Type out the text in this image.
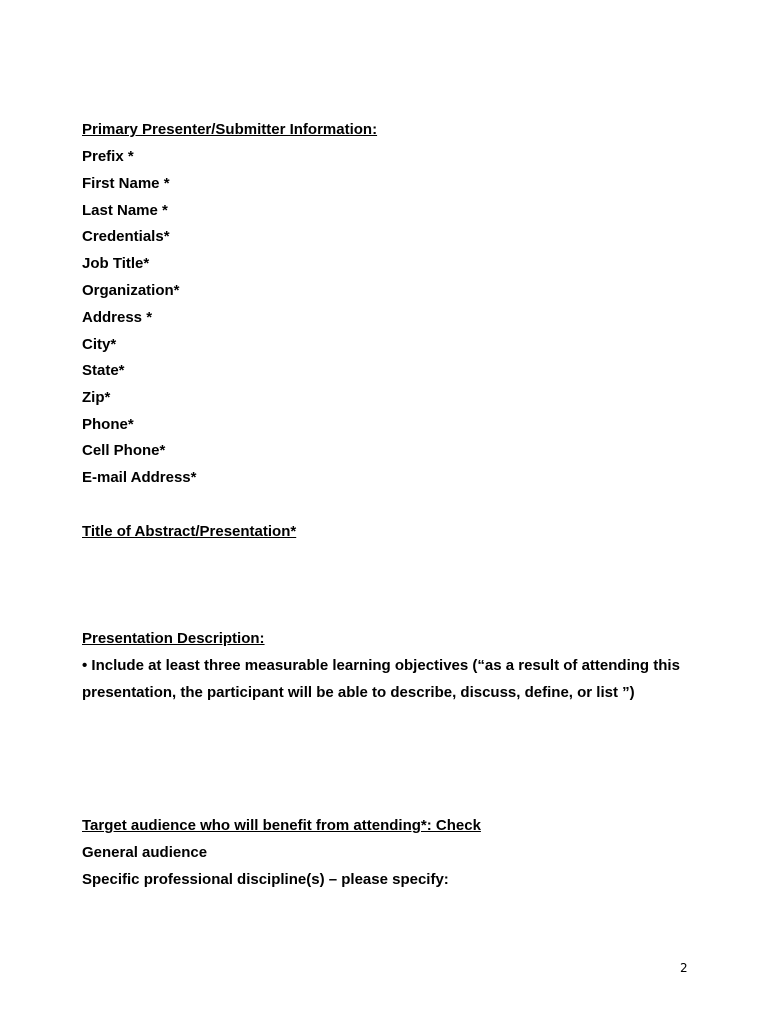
Primary Presenter/Submitter Information:
Prefix *
First Name *
Last Name *
Credentials*
Job Title*
Organization*
Address *
City*
State*
Zip*
Phone*
Cell Phone*
E-mail Address*
Title of Abstract/Presentation*
Presentation Description:
• Include at least three measurable learning objectives (“as a result of attending this
presentation, the participant will be able to describe, discuss, define, or list ”)
Target audience who will benefit from attending*: Check
General audience
Specific professional discipline(s) – please specify:
2
